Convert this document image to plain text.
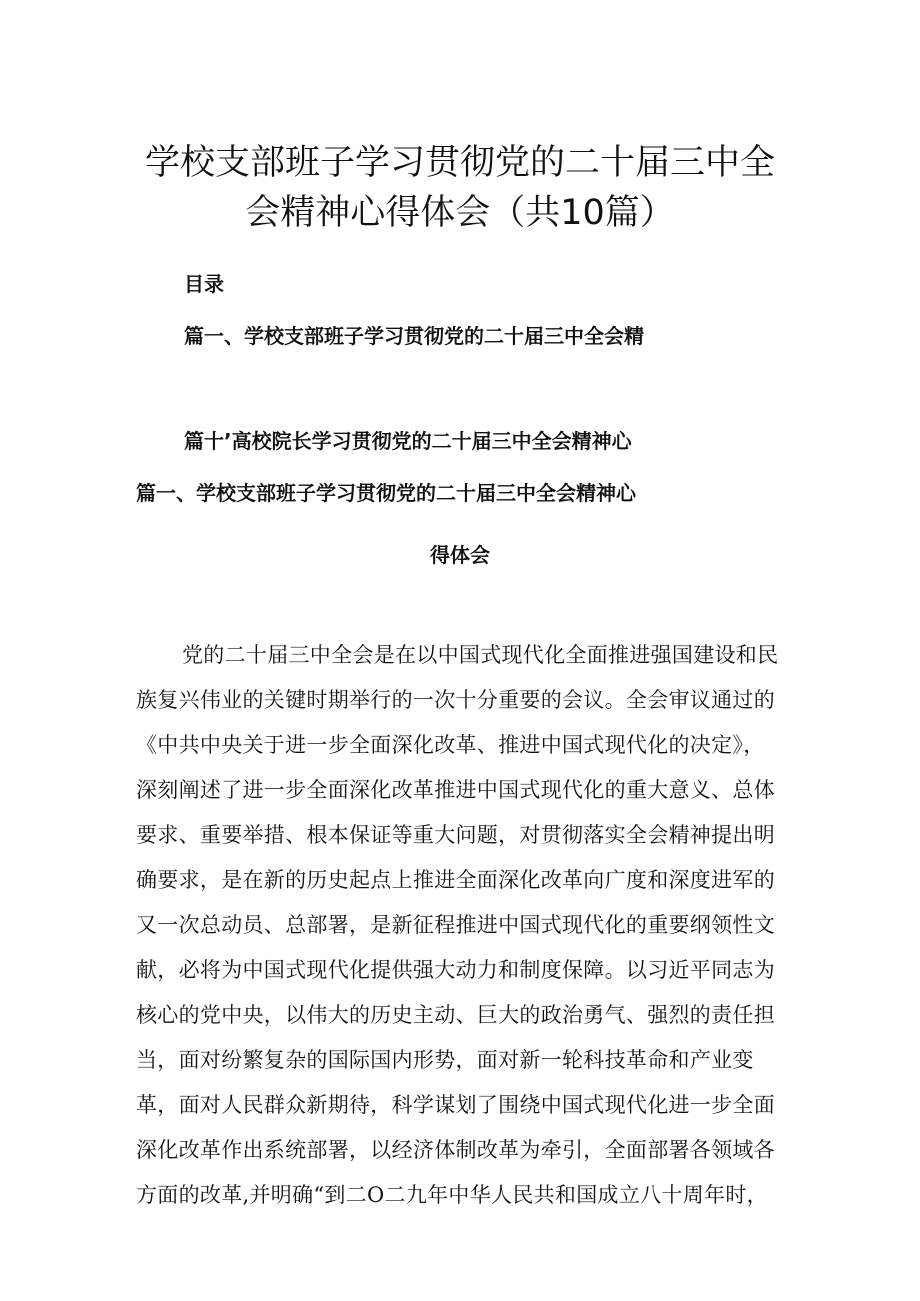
学校支部班子学习贯彻党的二十届三中全
会精神心得体会（共10篇）
目录
篇一、学校支部班子学习贯彻党的二十届三中全会精
篇十’高校院长学习贯彻党的二十届三中全会精神心
篇一、学校支部班子学习贯彻党的二十届三中全会精神心
得体会
党的二十届三中全会是在以中国式现代化全面推进强国建设和民
族复兴伟业的关键时期举行的一次十分重要的会议。全会审议通过的
《中共中央关于进一步全面深化改革、推进中国式现代化的决定》，
深刻阐述了进一步全面深化改革推进中国式现代化的重大意义、总体
要求、重要举措、根本保证等重大问题，对贯彻落实全会精神提出明
确要求，是在新的历史起点上推进全面深化改革向广度和深度进军的
又一次总动员、总部署，是新征程推进中国式现代化的重要纲领性文
献，必将为中国式现代化提供强大动力和制度保障。以习近平同志为
核心的党中央，以伟大的历史主动、巨大的政治勇气、强烈的责任担
当，面对纷繁复杂的国际国内形势，面对新一轮科技革命和产业变
革，面对人民群众新期待，科学谋划了围绕中国式现代化进一步全面
深化改革作出系统部署，以经济体制改革为牵引，全面部署各领域各
方面的改革,并明确“到二O二九年中华人民共和国成立八十周年时，
